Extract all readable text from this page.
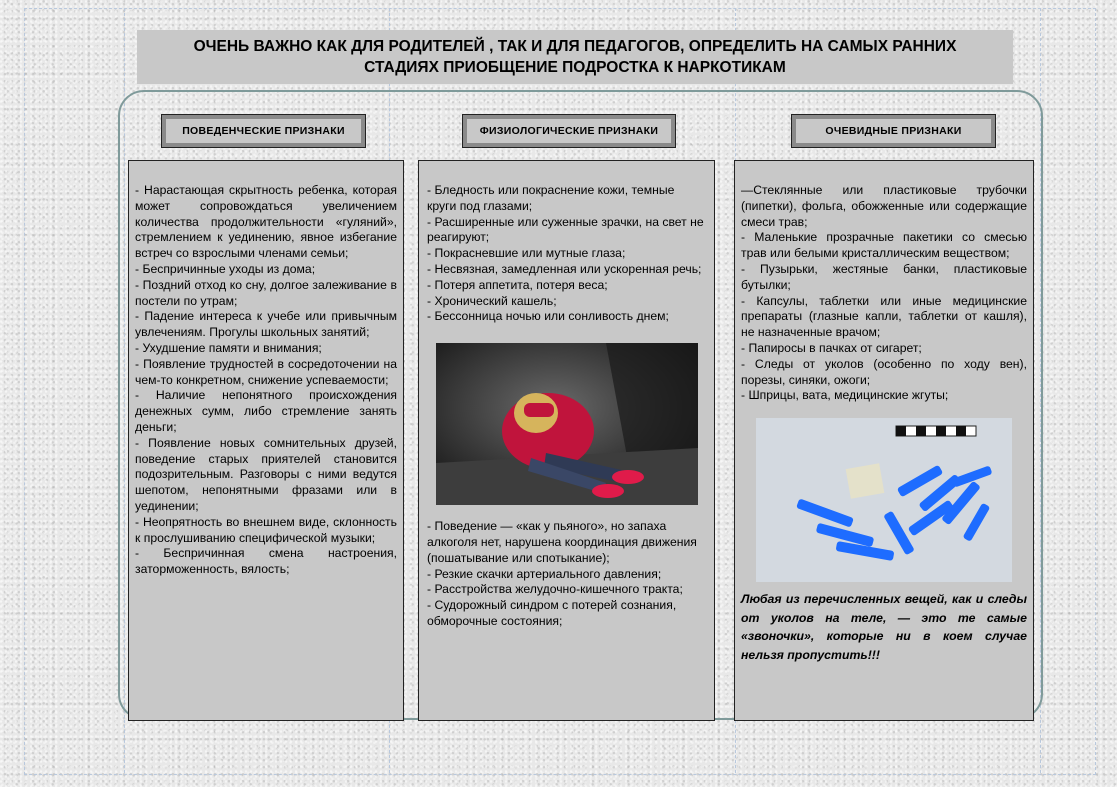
ОЧЕНЬ ВАЖНО КАК ДЛЯ РОДИТЕЛЕЙ , ТАК И ДЛЯ ПЕДАГОГОВ, ОПРЕДЕЛИТЬ НА САМЫХ РАННИХ
СТАДИЯХ ПРИОБЩЕНИЕ ПОДРОСТКА К НАРКОТИКАМ
ПОВЕДЕНЧЕСКИЕ ПРИЗНАКИ	ФИЗИОЛОГИЧЕСКИЕ ПРИЗНАКИ	ОЧЕВИДНЫЕ ПРИЗНАКИ

- Нарастающая скрытность ребенка, которая может сопровождаться увеличением количества продолжительности «гуляний», стремлением к уединению, явное избегание встреч со взрослыми членами семьи;

- Беспричинные уходы из дома;

- Поздний отход ко сну, долгое залеживание в постели по утрам;

- Падение интереса к учебе или привычным увлечениям. Прогулы школьных занятий;

- Ухудшение памяти и внимания;

- Появление трудностей в сосредоточении на чем-то конкретном, снижение успеваемости;

- Наличие непонятного происхождения денежных сумм, либо стремление занять деньги;

- Появление новых сомнительных друзей, поведение старых приятелей становится подозрительным. Разговоры с ними ведутся шепотом, непонятными фразами или в уединении;

- Неопрятность во внешнем виде, склонность к прослушиванию специфической музыки;

- Беспричинная смена настроения, заторможенность, вялость;

- Бледность или покраснение кожи, темные круги под глазами;

- Расширенные или суженные зрачки, на свет не реагируют;

- Покрасневшие или мутные глаза;

- Несвязная, замедленная или ускоренная речь;

- Потеря аппетита, потеря веса;

- Хронический кашель;

- Бессонница ночью или сонливость днем;

- Поведение — «как у пьяного», но запаха алкоголя нет, нарушена координация движения (пошатывание или спотыкание);

- Резкие скачки артериального давления;

- Расстройства желудочно-кишечного тракта;

- Судорожный синдром с потерей сознания, обморочные состояния;

—Стеклянные или пластиковые трубочки (пипетки), фольга, обожженные или содержащие смеси трав;

- Маленькие прозрачные пакетики со смесью трав или белыми кристаллическим веществом;

- Пузырьки, жестяные банки, пластиковые бутылки;

- Капсулы, таблетки или иные медицинские препараты (глазные капли, таблетки от кашля), не назначенные врачом;

- Папиросы в пачках от сигарет;

- Следы от уколов (особенно по ходу вен), порезы, синяки, ожоги;

- Шприцы, вата, медицинские жгуты;

Любая из перечисленных вещей, как и следы от уколов на теле, — это те самые «звоночки», которые ни в коем случае нельзя пропустить!!!
